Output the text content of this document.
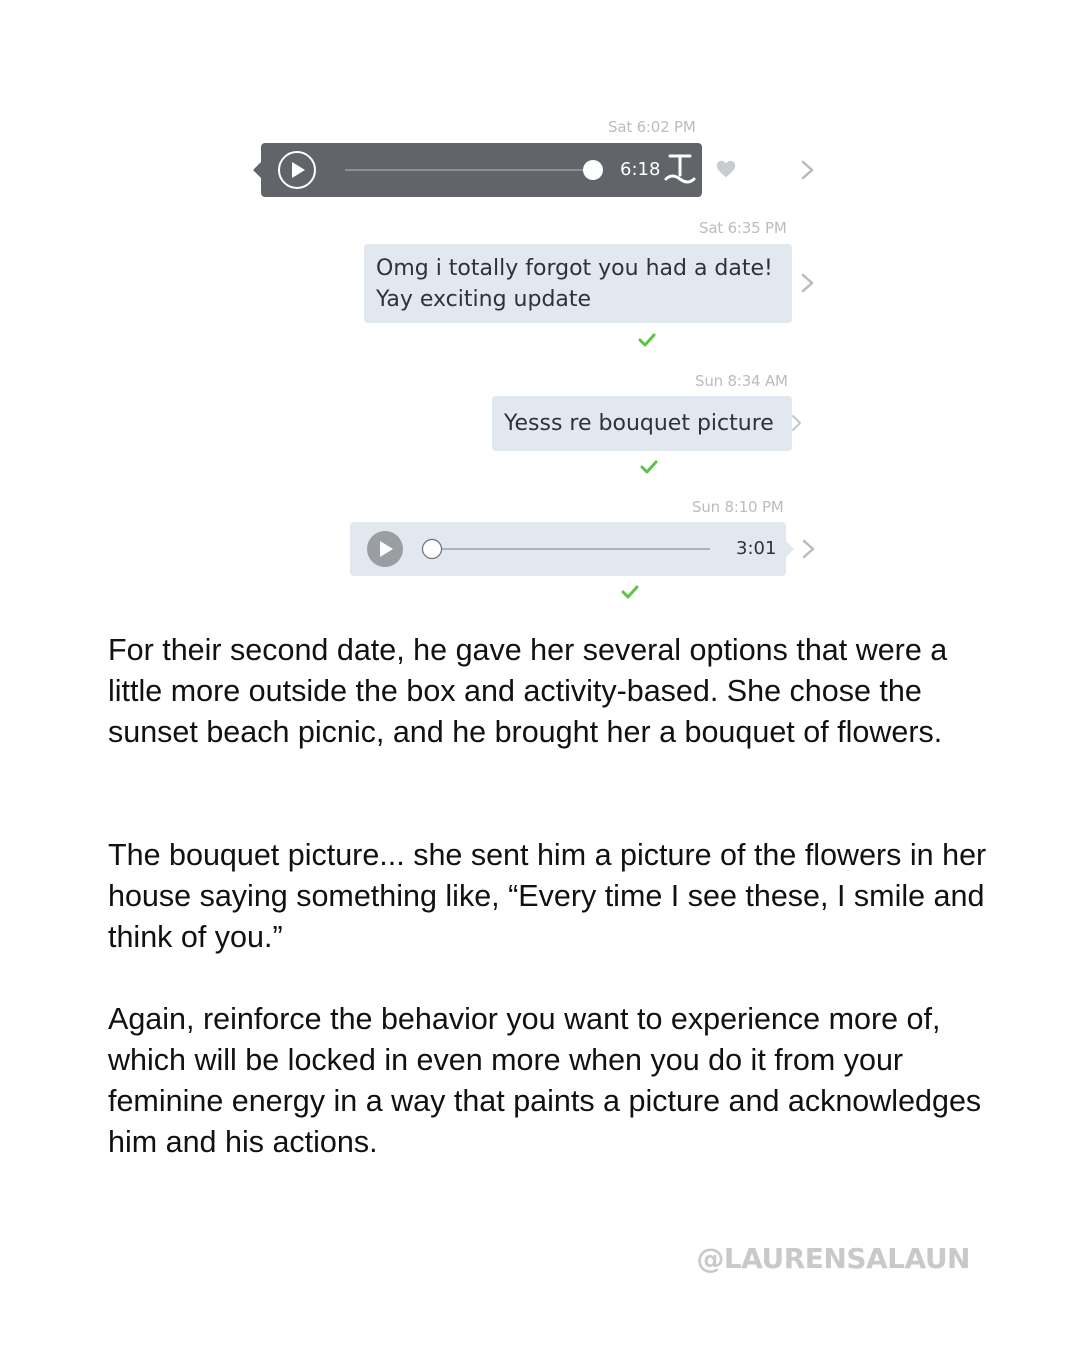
Sat 6:02 PM
6:18
Sat 6:35 PM
Omg i totally forgot you had a date!
Yay exciting update
Sun 8:34 AM
Yesss re bouquet picture
Sun 8:10 PM
3:01

For their second date, he gave her several options that were a little more outside the box and activity-based. She chose the sunset beach picnic, and he brought her a bouquet of flowers.

The bouquet picture... she sent him a picture of the flowers in her house saying something like, “Every time I see these, I smile and think of you.”

Again, reinforce the behavior you want to experience more of, which will be locked in even more when you do it from your feminine energy in a way that paints a picture and acknowledges him and his actions.

@LAURENSALAUN
